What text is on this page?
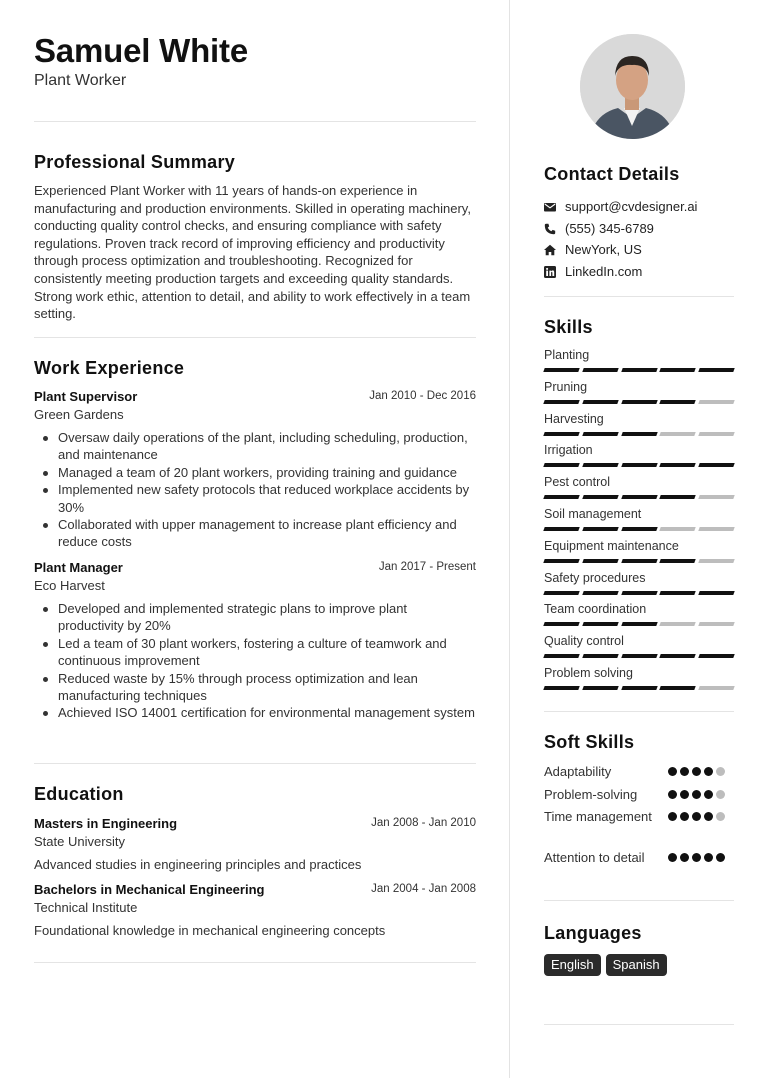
Samuel White
Plant Worker
Professional Summary
Experienced Plant Worker with 11 years of hands-on experience in manufacturing and production environments. Skilled in operating machinery, conducting quality control checks, and ensuring compliance with safety regulations. Proven track record of improving efficiency and productivity through process optimization and troubleshooting. Recognized for consistently meeting production targets and exceeding quality standards. Strong work ethic, attention to detail, and ability to work effectively in a team setting.
Work Experience
Plant Supervisor	Jan 2010 - Dec 2016
Green Gardens
Oversaw daily operations of the plant, including scheduling, production, and maintenance
Managed a team of 20 plant workers, providing training and guidance
Implemented new safety protocols that reduced workplace accidents by 30%
Collaborated with upper management to increase plant efficiency and reduce costs
Plant Manager	Jan 2017 - Present
Eco Harvest
Developed and implemented strategic plans to improve plant productivity by 20%
Led a team of 30 plant workers, fostering a culture of teamwork and continuous improvement
Reduced waste by 15% through process optimization and lean manufacturing techniques
Achieved ISO 14001 certification for environmental management system
Education
Masters in Engineering	Jan 2008 - Jan 2010
State University
Advanced studies in engineering principles and practices
Bachelors in Mechanical Engineering	Jan 2004 - Jan 2008
Technical Institute
Foundational knowledge in mechanical engineering concepts
Contact Details
support@cvdesigner.ai
(555) 345-6789
NewYork, US
LinkedIn.com
Skills
Planting
Pruning
Harvesting
Irrigation
Pest control
Soil management
Equipment maintenance
Safety procedures
Team coordination
Quality control
Problem solving
Soft Skills
Adaptability
Problem-solving
Time management
Attention to detail
Languages
English	Spanish
